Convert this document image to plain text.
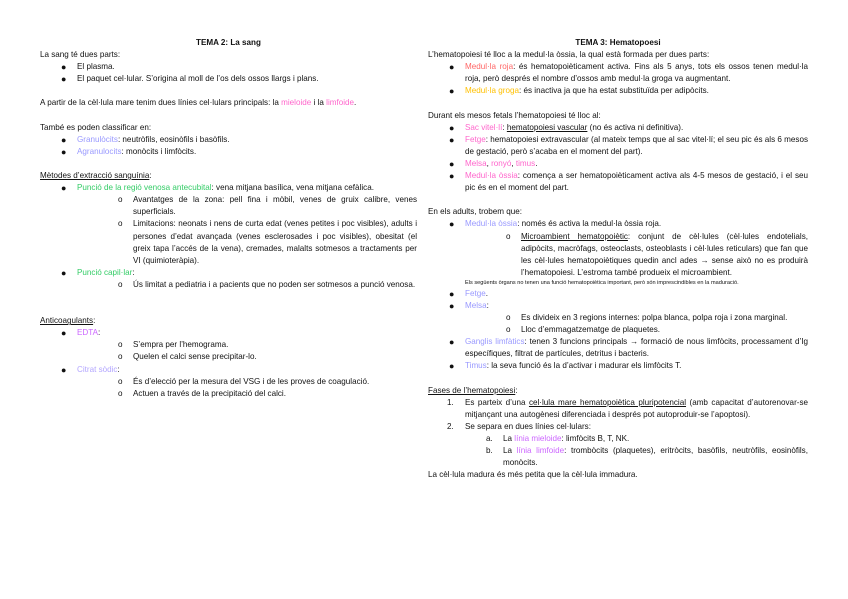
TEMA 2: La sang
La sang té dues parts:
● El plasma.
● El paquet cel·lular. S’origina al moll de l’os dels ossos llargs i plans.
A partir de la cèl·lula mare tenim dues línies cel·lulars principals: la mieloide i la limfoide.
També es poden classificar en:
● Granulòcits: neutròfils, eosinòfils i basòfils.
● Agranulocits: monòcits i limfòcits.
Mètodes d’extracció sanguínia:
● Punció de la regió venosa antecubital: vena mitjana basílica, vena mitjana cefàlica.
o Avantatges de la zona: pell fina i mòbil, venes de gruix calibre, venes superficials.
o Limitacions: neonats i nens de curta edat (venes petites i poc visibles), adults i persones d’edat avançada (venes esclerosades i poc visibles), obesitat (el greix tapa l’accés de la vena), cremades, malalts sotmesos a tractaments per VI (quimioteràpia).
● Punció capil·lar:
o Ús limitat a pediatria i a pacients que no poden ser sotmesos a punció venosa.
Anticoagulants:
● EDTA:
o S’empra per l’hemograma.
o Quelen el calci sense precipitar-lo.
● Citrat sòdic:
o És d’elecció per la mesura del VSG i de les proves de coagulació.
o Actuen a través de la precipitació del calci.
TEMA 3: Hematopoesi
L’hematopoiesi té lloc a la medul·la òssia, la qual està formada per dues parts:
● Medul·la roja: és hematopoièticament activa. Fins als 5 anys, tots els ossos tenen medul·la roja, però després el nombre d’ossos amb medul·la groga va augmentant.
● Medul·la groga: és inactiva ja que ha estat substituïda per adipòcits.
Durant els mesos fetals l’hematopoiesi té lloc al:
● Sac vitel·lí: hematopoiesi vascular (no és activa ni definitiva).
● Fetge: hematopoiesi extravascular (al mateix temps que al sac vitel·lí; el seu pic és als 6 mesos de gestació, però s’acaba en el moment del part).
● Melsa, ronyó, timus.
● Medul·la òssia: comença a ser hematopoièticament activa als 4-5 mesos de gestació, i el seu pic és en el moment del part.
En els adults, trobem que:
● Medul·la òssia: només és activa la medul·la òssia roja.
o Microambient hematopoiètic: conjunt de cèl·lules (cèl·lules endotelials, adipòcits, macròfags, osteoclasts, osteoblasts i cèl·lules reticulars) que fan que les cèl·lules hematopoiètiques quedin ancl ades → sense això no es produirà l’hematopoiesi. L’estroma també produeix el microambient.
Els següents òrgans no tenen una funció hematopoiètica important, però són imprescindibles en la maduració.
● Fetge.
● Melsa:
o Es divideix en 3 regions internes: polpa blanca, polpa roja i zona marginal.
o Lloc d’emmagatzematge de plaquetes.
● Ganglis limfàtics: tenen 3 funcions principals → formació de nous limfòcits, processament d’Ig específiques, filtrat de partícules, detritus i bacteris.
● Timus: la seva funció és la d’activar i madurar els limfòcits T.
Fases de l’hematopoiesi:
1. Es parteix d’una cel·lula mare hematopoiètica pluripotencial (amb capacitat d’autorenovar-se mitjançant una autogènesi diferenciada i després pot autoproduir-se l’apoptosi).
2. Se separa en dues línies cel·lulars:
a. La línia mieloide: limfòcits B, T, NK.
b. La línia limfoide: trombòcits (plaquetes), eritròcits, basòfils, neutròfils, eosinòfils, monòcits.
La cèl·lula madura és més petita que la cèl·lula immadura.
